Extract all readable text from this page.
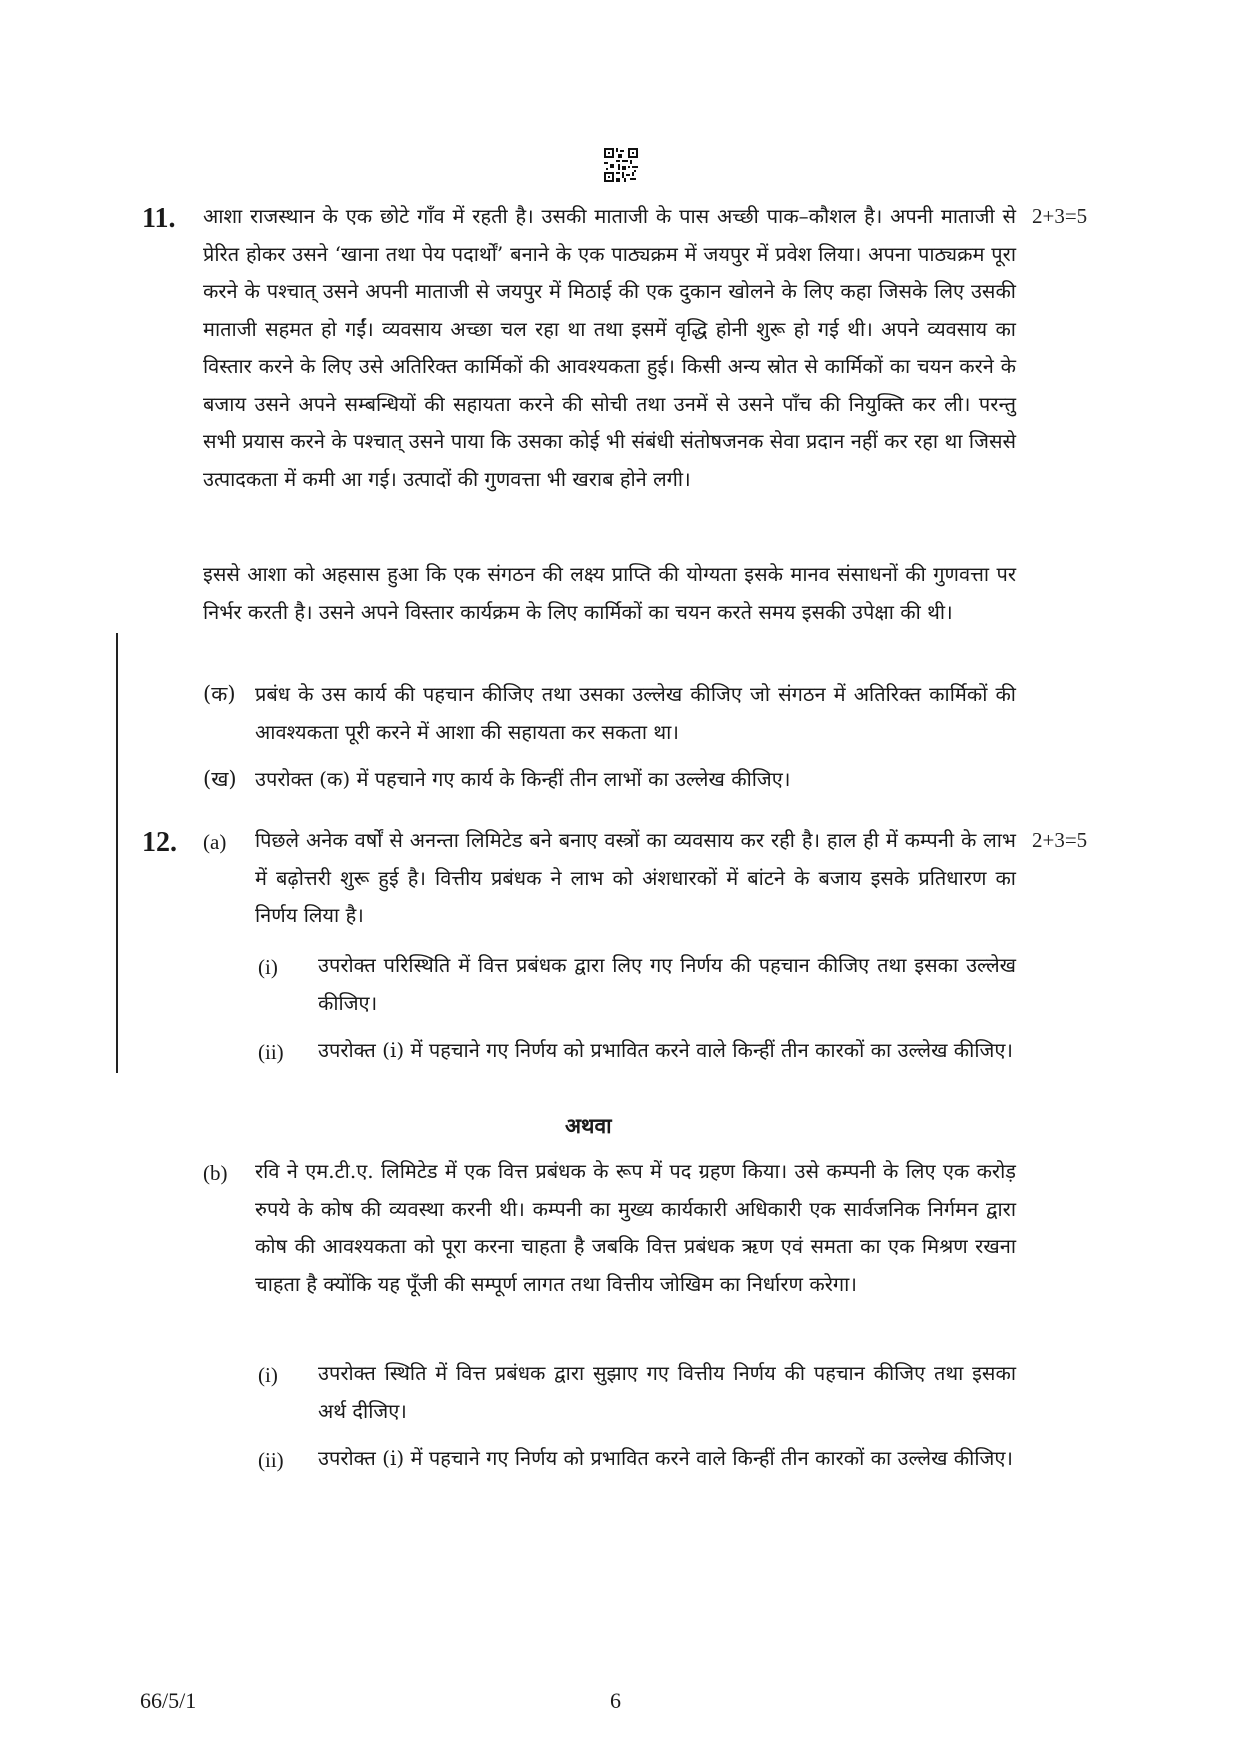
11.	2+3=5

आशा राजस्थान के एक छोटे गाँव में रहती है। उसकी माताजी के पास अच्छी पाक–कौशल है। अपनी माताजी से प्रेरित होकर उसने ‘खाना तथा पेय पदार्थों’ बनाने के एक पाठ्यक्रम में जयपुर में प्रवेश लिया। अपना पाठ्यक्रम पूरा करने के पश्चात् उसने अपनी माताजी से जयपुर में मिठाई की एक दुकान खोलने के लिए कहा जिसके लिए उसकी माताजी सहमत हो गईं। व्यवसाय अच्छा चल रहा था तथा इसमें वृद्धि होनी शुरू हो गई थी। अपने व्यवसाय का विस्तार करने के लिए उसे अतिरिक्त कार्मिकों की आवश्यकता हुई। किसी अन्य स्रोत से कार्मिकों का चयन करने के बजाय उसने अपने सम्बन्धियों की सहायता करने की सोची तथा उनमें से उसने पाँच की नियुक्ति कर ली। परन्तु सभी प्रयास करने के पश्चात् उसने पाया कि उसका कोई भी संबंधी संतोषजनक सेवा प्रदान नहीं कर रहा था जिससे उत्पादकता में कमी आ गई। उत्पादों की गुणवत्ता भी खराब होने लगी।

इससे आशा को अहसास हुआ कि एक संगठन की लक्ष्य प्राप्ति की योग्यता इसके मानव संसाधनों की गुणवत्ता पर निर्भर करती है। उसने अपने विस्तार कार्यक्रम के लिए कार्मिकों का चयन करते समय इसकी उपेक्षा की थी।

(क) प्रबंध के उस कार्य की पहचान कीजिए तथा उसका उल्लेख कीजिए जो संगठन में अतिरिक्त कार्मिकों की आवश्यकता पूरी करने में आशा की सहायता कर सकता था।

(ख) उपरोक्त (क) में पहचाने गए कार्य के किन्हीं तीन लाभों का उल्लेख कीजिए।

12.	2+3=5
(a) पिछले अनेक वर्षों से अनन्ता लिमिटेड बने बनाए वस्त्रों का व्यवसाय कर रही है। हाल ही में कम्पनी के लाभ में बढ़ोत्तरी शुरू हुई है। वित्तीय प्रबंधक ने लाभ को अंशधारकों में बांटने के बजाय इसके प्रतिधारण का निर्णय लिया है।

(i) उपरोक्त परिस्थिति में वित्त प्रबंधक द्वारा लिए गए निर्णय की पहचान कीजिए तथा इसका उल्लेख कीजिए।

(ii) उपरोक्त (i) में पहचाने गए निर्णय को प्रभावित करने वाले किन्हीं तीन कारकों का उल्लेख कीजिए।

अथवा
(b) रवि ने एम.टी.ए. लिमिटेड में एक वित्त प्रबंधक के रूप में पद ग्रहण किया। उसे कम्पनी के लिए एक करोड़ रुपये के कोष की व्यवस्था करनी थी। कम्पनी का मुख्य कार्यकारी अधिकारी एक सार्वजनिक निर्गमन द्वारा कोष की आवश्यकता को पूरा करना चाहता है जबकि वित्त प्रबंधक ऋण एवं समता का एक मिश्रण रखना चाहता है क्योंकि यह पूँजी की सम्पूर्ण लागत तथा वित्तीय जोखिम का निर्धारण करेगा।

(i) उपरोक्त स्थिति में वित्त प्रबंधक द्वारा सुझाए गए वित्तीय निर्णय की पहचान कीजिए तथा इसका अर्थ दीजिए।

(ii) उपरोक्त (i) में पहचाने गए निर्णय को प्रभावित करने वाले किन्हीं तीन कारकों का उल्लेख कीजिए।

66/5/1	6
